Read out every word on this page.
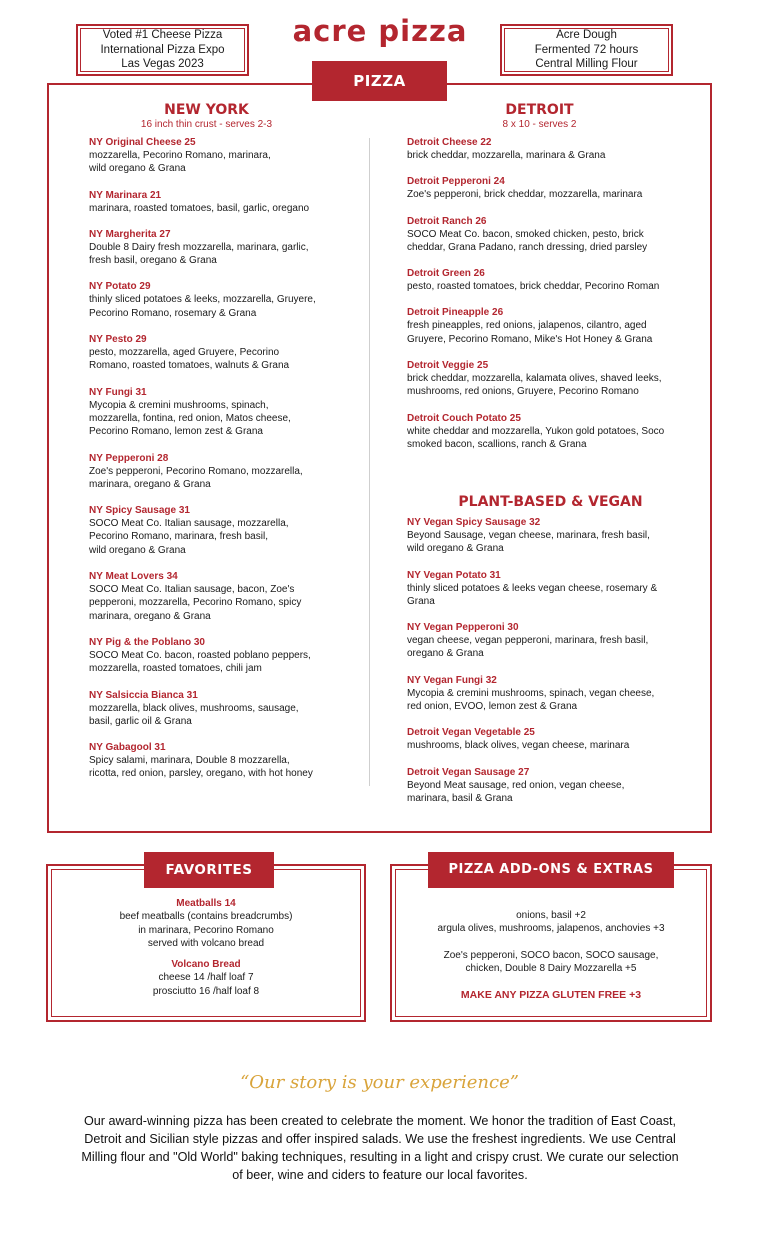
Voted #1 Cheese Pizza
International Pizza Expo
Las Vegas 2023
acre pizza	Acre Dough
Fermented 72 hours
Central Milling Flour
PIZZA
NEW YORK
16 inch thin crust - serves 2-3
DETROIT
8 x 10 - serves 2
PLANT-BASED & VEGAN
NY Original Cheese 25
mozzarella, Pecorino Romano, marinara,
wild oregano & Grana
NY Marinara 21
marinara, roasted tomatoes, basil, garlic, oregano
NY Margherita 27
Double 8 Dairy fresh mozzarella, marinara, garlic,
fresh basil, oregano & Grana
NY Potato 29
thinly sliced potatoes & leeks, mozzarella, Gruyere,
Pecorino Romano, rosemary & Grana
NY Pesto 29
pesto, mozzarella, aged Gruyere, Pecorino
Romano, roasted tomatoes, walnuts & Grana
NY Fungi 31
Mycopia & cremini mushrooms, spinach,
mozzarella, fontina, red onion, Matos cheese,
Pecorino Romano, lemon zest & Grana
NY Pepperoni 28
Zoe's pepperoni, Pecorino Romano, mozzarella,
marinara, oregano & Grana
NY Spicy Sausage 31
SOCO Meat Co. Italian sausage, mozzarella,
Pecorino Romano, marinara, fresh basil,
wild oregano & Grana
NY Meat Lovers 34
SOCO Meat Co. Italian sausage, bacon, Zoe's
pepperoni, mozzarella, Pecorino Romano, spicy
marinara, oregano & Grana
NY Pig & the Poblano 30
SOCO Meat Co. bacon, roasted poblano peppers,
mozzarella, roasted tomatoes, chili jam
NY Salsiccia Bianca 31
mozzarella, black olives, mushrooms, sausage,
basil, garlic oil & Grana
NY Gabagool 31
Spicy salami, marinara, Double 8 mozzarella,
ricotta, red onion, parsley, oregano, with hot honey
Detroit Cheese 22
brick cheddar, mozzarella, marinara & Grana
Detroit Pepperoni 24
Zoe's pepperoni, brick cheddar, mozzarella, marinara
Detroit Ranch 26
SOCO Meat Co. bacon, smoked chicken, pesto, brick
cheddar, Grana Padano, ranch dressing, dried parsley
Detroit Green 26
pesto, roasted tomatoes, brick cheddar, Pecorino Roman
Detroit Pineapple 26
fresh pineapples, red onions, jalapenos, cilantro, aged
Gruyere, Pecorino Romano, Mike's Hot Honey & Grana
Detroit Veggie 25
brick cheddar, mozzarella, kalamata olives, shaved leeks,
mushrooms, red onions, Gruyere, Pecorino Romano
Detroit Couch Potato 25
white cheddar and mozzarella, Yukon gold potatoes, Soco
smoked bacon, scallions, ranch & Grana
NY Vegan Spicy Sausage 32
Beyond Sausage, vegan cheese, marinara, fresh basil,
wild oregano & Grana
NY Vegan Potato 31
thinly sliced potatoes & leeks vegan cheese, rosemary &
Grana
NY Vegan Pepperoni 30
vegan cheese, vegan pepperoni, marinara, fresh basil,
oregano & Grana
NY Vegan Fungi 32
Mycopia & cremini mushrooms, spinach, vegan cheese,
red onion, EVOO, lemon zest & Grana
Detroit Vegan Vegetable 25
mushrooms, black olives, vegan cheese, marinara
Detroit Vegan Sausage 27
Beyond Meat sausage, red onion, vegan cheese,
marinara, basil & Grana
FAVORITES
Meatballs 14
beef meatballs (contains breadcrumbs)
in marinara, Pecorino Romano
served with volcano bread
Volcano Bread
cheese 14 /half loaf 7
prosciutto 16 /half loaf 8
PIZZA ADD-ONS & EXTRAS
onions, basil +2
argula olives, mushrooms, jalapenos, anchovies +3
Zoe's pepperoni, SOCO bacon, SOCO sausage,
chicken, Double 8 Dairy Mozzarella +5
MAKE ANY PIZZA GLUTEN FREE +3
“Our story is your experience”
Our award-winning pizza has been created to celebrate the moment. We honor the tradition of East Coast, Detroit and Sicilian style pizzas and offer inspired salads. We use the freshest ingredients. We use Central Milling flour and "Old World" baking techniques, resulting in a light and crispy crust. We curate our selection of beer, wine and ciders to feature our local favorites.
